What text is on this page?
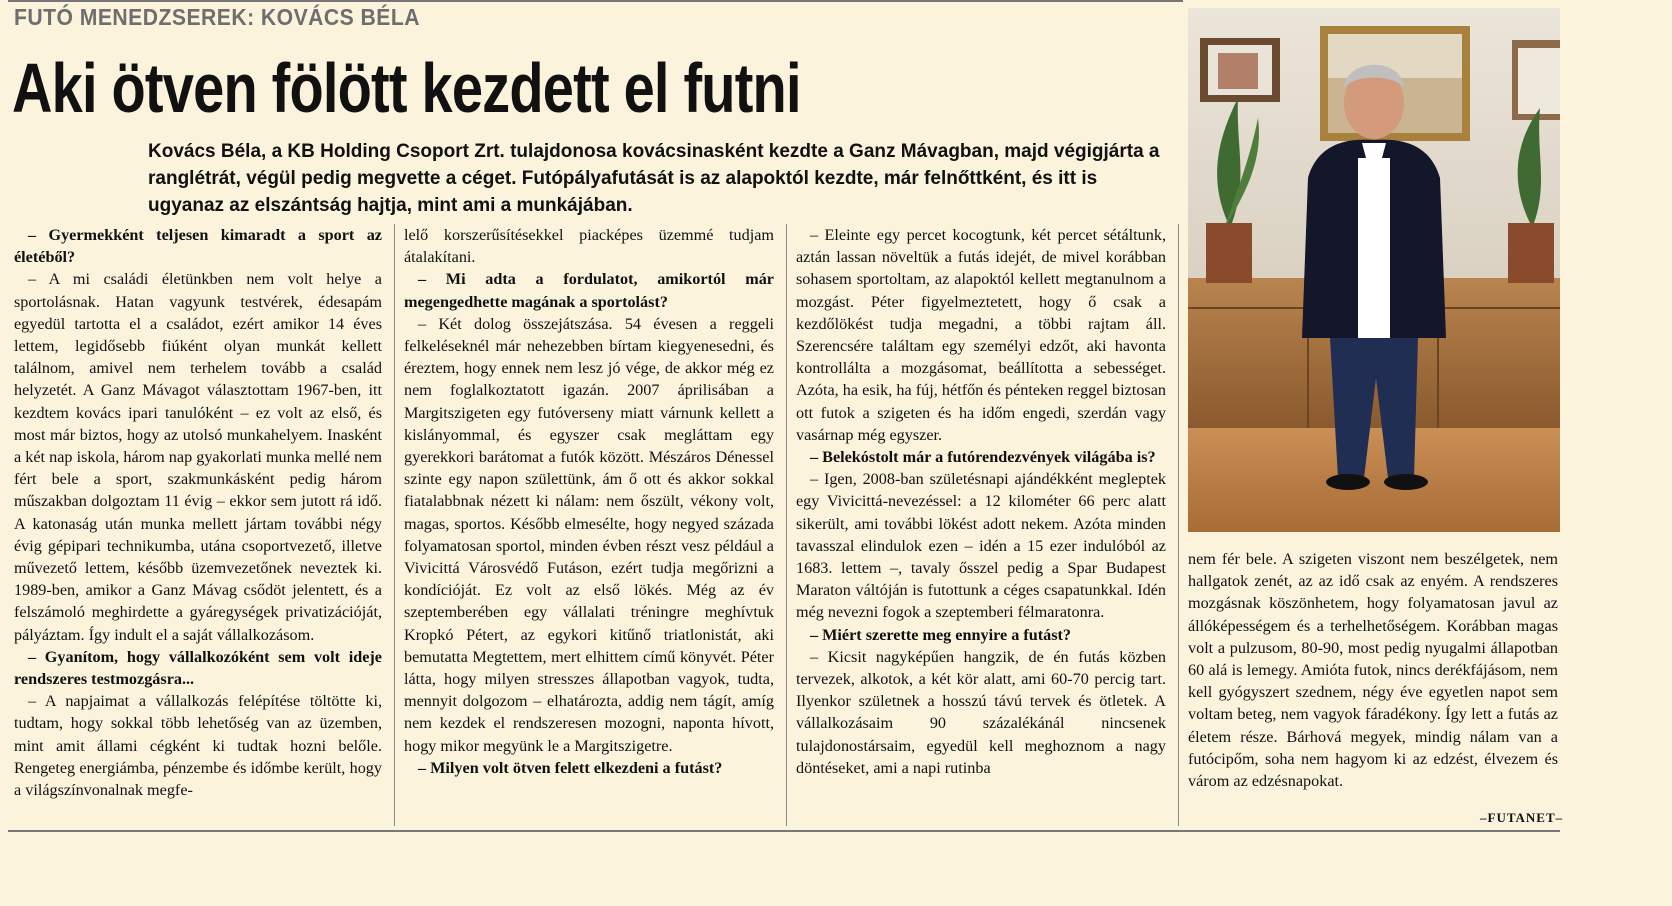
FUTÓ MENEDZSEREK: KOVÁCS BÉLA
Aki ötven fölött kezdett el futni
Kovács Béla, a KB Holding Csoport Zrt. tulajdonosa kovácsinasként kezdte a Ganz Mávagban, majd végigjárta a ranglétrát, végül pedig megvette a céget. Futópályafutását is az alapoktól kezdte, már felnőttként, és itt is ugyanaz az elszántság hajtja, mint ami a munkájában.

– Gyermekként teljesen kimaradt a sport az életéből?

– A mi családi életünkben nem volt helye a sportolásnak. Hatan vagyunk testvérek, édesapám egyedül tartotta el a családot, ezért amikor 14 éves lettem, legidősebb fiúként olyan munkát kellett találnom, amivel nem terhelem tovább a család helyzetét. A Ganz Mávagot választottam 1967-ben, itt kezdtem kovács ipari tanulóként – ez volt az első, és most már biztos, hogy az utolsó munkahelyem. Inasként a két nap iskola, három nap gyakorlati munka mellé nem fért bele a sport, szakmunkásként pedig három műszakban dolgoztam 11 évig – ekkor sem jutott rá idő. A katonaság után munka mellett jártam további négy évig gépipari technikumba, utána csoportvezető, illetve művezető lettem, később üzemvezetőnek neveztek ki. 1989-ben, amikor a Ganz Mávag csődöt jelentett, és a felszámoló meghirdette a gyáregységek privatizációját, pályáztam. Így indult el a saját vállalkozásom.

– Gyanítom, hogy vállalkozóként sem volt ideje rendszeres testmozgásra...

– A napjaimat a vállalkozás felépítése töltötte ki, tudtam, hogy sokkal több lehetőség van az üzemben, mint amit állami cégként ki tudtak hozni belőle. Rengeteg energiámba, pénzembe és időmbe került, hogy a világszínvonalnak megfe-

lelő korszerűsítésekkel piacképes üzemmé tudjam átalakítani.

– Mi adta a fordulatot, amikortól már megengedhette magának a sportolást?

– Két dolog összejátszása. 54 évesen a reggeli felkeléseknél már nehezebben bírtam kiegyenesedni, és éreztem, hogy ennek nem lesz jó vége, de akkor még ez nem foglalkoztatott igazán. 2007 áprilisában a Margitszigeten egy futóverseny miatt várnunk kellett a kislányommal, és egyszer csak megláttam egy gyerekkori barátomat a futók között. Mészáros Dénessel szinte egy napon születtünk, ám ő ott és akkor sokkal fiatalabbnak nézett ki nálam: nem őszült, vékony volt, magas, sportos. Később elmesélte, hogy negyed százada folyamatosan sportol, minden évben részt vesz például a Vivicittá Városvédő Futáson, ezért tudja megőrizni a kondícióját. Ez volt az első lökés. Még az év szeptemberében egy vállalati tréningre meghívtuk Kropkó Pétert, az egykori kitűnő triatlonistát, aki bemutatta Megtettem, mert elhittem című könyvét. Péter látta, hogy milyen stresszes állapotban vagyok, tudta, mennyit dolgozom – elhatározta, addig nem tágít, amíg nem kezdek el rendszeresen mozogni, naponta hívott, hogy mikor megyünk le a Margitszigetre.

– Milyen volt ötven felett elkezdeni a futást?

– Eleinte egy percet kocogtunk, két percet sétáltunk, aztán lassan növeltük a futás idejét, de mivel korábban sohasem sportoltam, az alapoktól kellett megtanulnom a mozgást. Péter figyelmeztetett, hogy ő csak a kezdőlökést tudja megadni, a többi rajtam áll. Szerencsére találtam egy személyi edzőt, aki havonta kontrollálta a mozgásomat, beállította a sebességet. Azóta, ha esik, ha fúj, hétfőn és pénteken reggel biztosan ott futok a szigeten és ha időm engedi, szerdán vagy vasárnap még egyszer.

– Belekóstolt már a futórendezvények világába is?

– Igen, 2008-ban születésnapi ajándékként megleptek egy Vivicittá-nevezéssel: a 12 kilométer 66 perc alatt sikerült, ami további lökést adott nekem. Azóta minden tavasszal elindulok ezen – idén a 15 ezer indulóból az 1683. lettem –, tavaly ősszel pedig a Spar Budapest Maraton váltóján is futottunk a céges csapatunkkal. Idén még nevezni fogok a szeptemberi félmaratonra.

– Miért szerette meg ennyire a futást?

– Kicsit nagyképűen hangzik, de én futás közben tervezek, alkotok, a két kör alatt, ami 60-70 percig tart. Ilyenkor születnek a hosszú távú tervek és ötletek. A vállalkozásaim 90 százalékánál nincsenek tulajdonostársaim, egyedül kell meghoznom a nagy döntéseket, ami a napi rutinba

nem fér bele. A szigeten viszont nem beszélgetek, nem hallgatok zenét, az az idő csak az enyém. A rendszeres mozgásnak köszönhetem, hogy folyamatosan javul az állóképességem és a terhelhetőségem. Korábban magas volt a pulzusom, 80-90, most pedig nyugalmi állapotban 60 alá is lemegy. Amióta futok, nincs derékfájásom, nem kell gyógyszert szednem, négy éve egyetlen napot sem voltam beteg, nem vagyok fáradékony. Így lett a futás az életem része. Bárhová megyek, mindig nálam van a futócipőm, soha nem hagyom ki az edzést, élvezem és várom az edzésnapokat.

–FUTANET–
